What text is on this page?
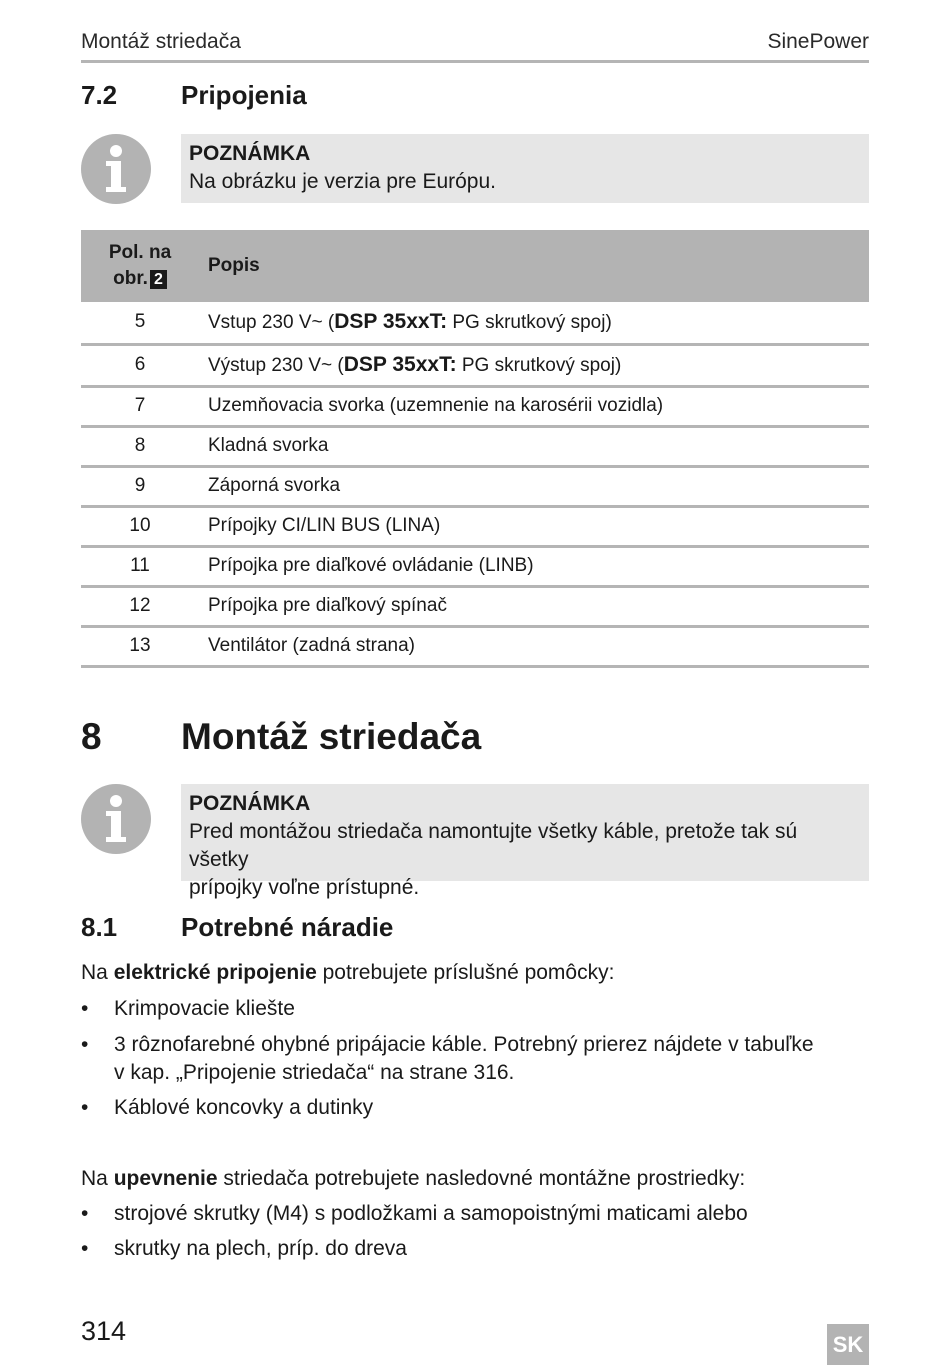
Montáž striedača	SinePower
7.2 Pripojenia
POZNÁMKA
Na obrázku je verzia pre Európu.
Pol. na
obr. 2	Popis
5	Vstup 230 V~ (DSP 35xxT: PG skrutkový spoj)
6	Výstup 230 V~ (DSP 35xxT: PG skrutkový spoj)
7	Uzemňovacia svorka (uzemnenie na karosérii vozidla)
8	Kladná svorka
9	Záporná svorka
10	Prípojky CI/LIN BUS (LINA)
11	Prípojka pre diaľkové ovládanie (LINB)
12	Prípojka pre diaľkový spínač
13	Ventilátor (zadná strana)
8 Montáž striedača
POZNÁMKA
Pred montážou striedača namontujte všetky káble, pretože tak sú všetky
prípojky voľne prístupné.
8.1 Potrebné náradie
Na elektrické pripojenie potrebujete príslušné pomôcky:
• Krimpovacie kliešte
• 3 rôznofarebné ohybné pripájacie káble. Potrebný prierez nájdete v tabuľke
v kap. „Pripojenie striedača“ na strane 316.
• Káblové koncovky a dutinky
Na upevnenie striedača potrebujete nasledovné montážne prostriedky:
• strojové skrutky (M4) s podložkami a samopoistnými maticami alebo
• skrutky na plech, príp. do dreva
314	SK
